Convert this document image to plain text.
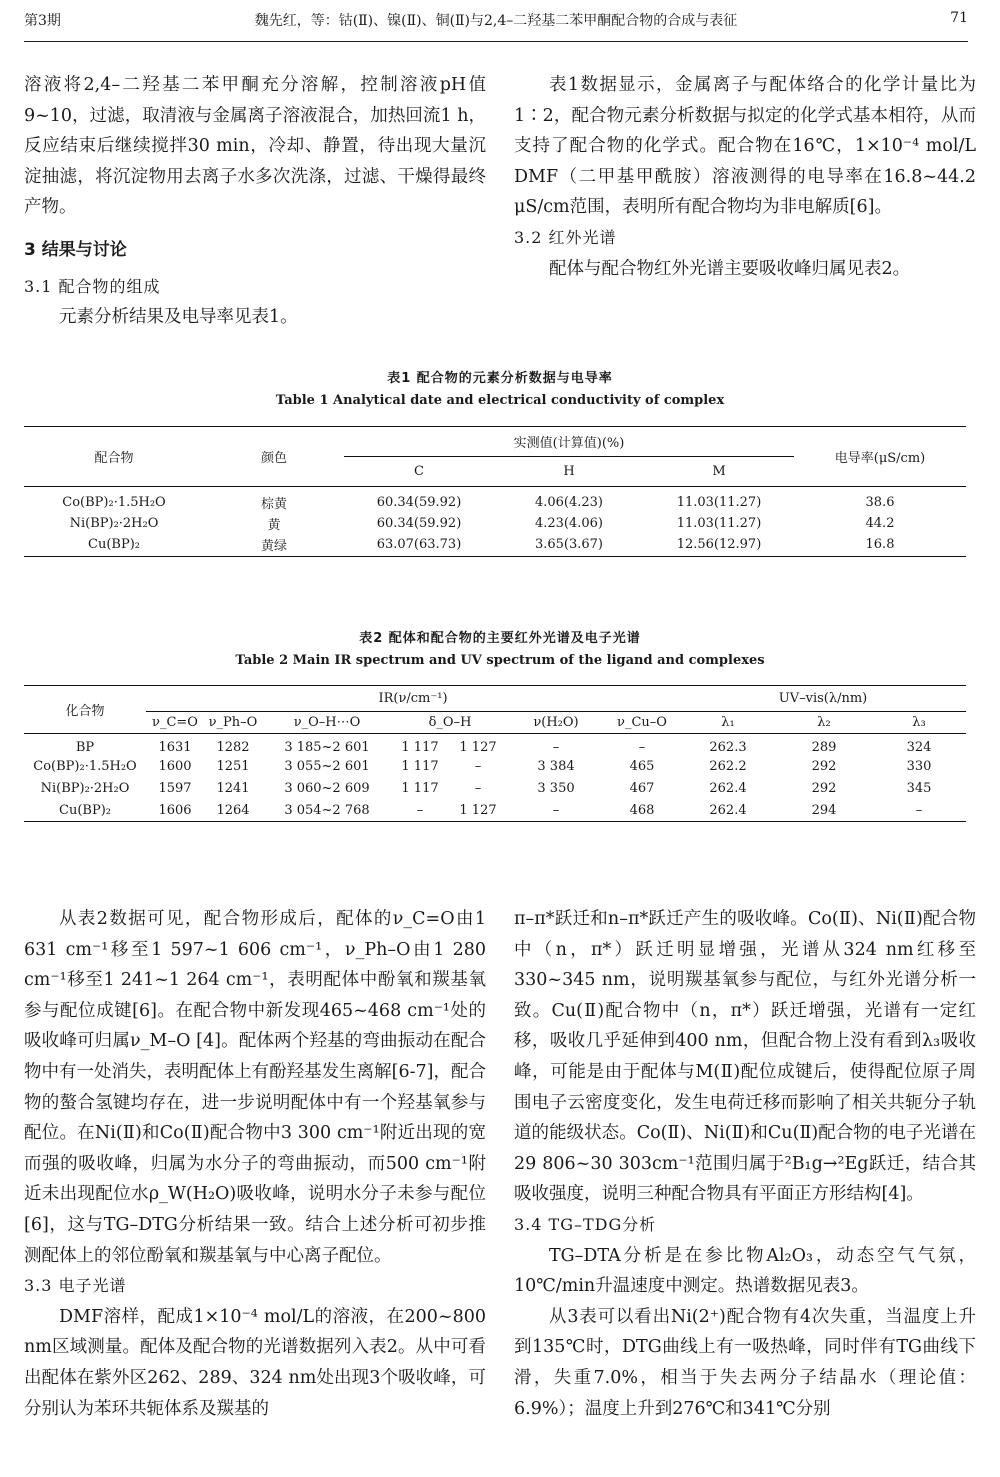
第3期	魏先红，等：钴(Ⅱ)、镍(Ⅱ)、铜(Ⅱ)与2,4–二羟基二苯甲酮配合物的合成与表征	71

溶液将2,4–二羟基二苯甲酮充分溶解，控制溶液pH值9~10，过滤，取清液与金属离子溶液混合，加热回流1 h，反应结束后继续搅拌30 min，冷却、静置，待出现大量沉淀抽滤，将沉淀物用去离子水多次洗涤，过滤、干燥得最终产物。

3 结果与讨论
3.1 配合物的组成

元素分析结果及电导率见表1。

表1数据显示，金属离子与配体络合的化学计量比为1∶2，配合物元素分析数据与拟定的化学式基本相符，从而支持了配合物的化学式。配合物在16℃，1×10⁻⁴ mol/L DMF（二甲基甲酰胺）溶液测得的电导率在16.8~44.2 μS/cm范围，表明所有配合物均为非电解质[6]。

3.2 红外光谱

配体与配合物红外光谱主要吸收峰归属见表2。

表1 配合物的元素分析数据与电导率
Table 1 Analytical date and electrical conductivity of complex
配合物	颜色	实测值(计算值)(%)			电导率(μS/cm)
		C	H	M	
Co(BP)₂·1.5H₂O	棕黄	60.34(59.92)	4.06(4.23)	11.03(11.27)	38.6
Ni(BP)₂·2H₂O	黄	60.34(59.92)	4.23(4.06)	11.03(11.27)	44.2
Cu(BP)₂	黄绿	63.07(63.73)	3.65(3.67)	12.56(12.97)	16.8
表2 配体和配合物的主要红外光谱及电子光谱
Table 2 Main IR spectrum and UV spectrum of the ligand and complexes
化合物	IR(ν/cm⁻¹)							UV–vis(λ/nm)		
	ν_C=O	ν_Ph–O	ν_O–H⋯O	δ_O–H		ν(H₂O)	ν_Cu–O	λ₁	λ₂	λ₃
BP	1631	1282	3 185~2 601	1 117	1 127	–	–	262.3	289	324
Co(BP)₂·1.5H₂O	1600	1251	3 055~2 601	1 117	–	3 384	465	262.2	292	330
Ni(BP)₂·2H₂O	1597	1241	3 060~2 609	1 117	–	3 350	467	262.4	292	345
Cu(BP)₂	1606	1264	3 054~2 768	–	1 127	–	468	262.4	294	–

从表2数据可见，配合物形成后，配体的ν_C=O由1 631 cm⁻¹移至1 597~1 606 cm⁻¹，ν_Ph–O由1 280 cm⁻¹移至1 241~1 264 cm⁻¹，表明配体中酚氧和羰基氧参与配位成键[6]。在配合物中新发现465~468 cm⁻¹处的吸收峰可归属ν_M–O [4]。配体两个羟基的弯曲振动在配合物中有一处消失，表明配体上有酚羟基发生离解[6-7]，配合物的螯合氢键均存在，进一步说明配体中有一个羟基氧参与配位。在Ni(Ⅱ)和Co(Ⅱ)配合物中3 300 cm⁻¹附近出现的宽而强的吸收峰，归属为水分子的弯曲振动，而500 cm⁻¹附近未出现配位水ρ_W(H₂O)吸收峰，说明水分子未参与配位[6]，这与TG–DTG分析结果一致。结合上述分析可初步推测配体上的邻位酚氧和羰基氧与中心离子配位。

3.3 电子光谱

DMF溶样，配成1×10⁻⁴ mol/L的溶液，在200~800 nm区域测量。配体及配合物的光谱数据列入表2。从中可看出配体在紫外区262、289、324 nm处出现3个吸收峰，可分别认为苯环共轭体系及羰基的

π–π*跃迁和n–π*跃迁产生的吸收峰。Co(Ⅱ)、Ni(Ⅱ)配合物中（n，π*）跃迁明显增强，光谱从324 nm红移至330~345 nm，说明羰基氧参与配位，与红外光谱分析一致。Cu(Ⅱ)配合物中（n，π*）跃迁增强，光谱有一定红移，吸收几乎延伸到400 nm，但配合物上没有看到λ₃吸收峰，可能是由于配体与M(Ⅱ)配位成键后，使得配位原子周围电子云密度变化，发生电荷迁移而影响了相关共轭分子轨道的能级状态。Co(Ⅱ)、Ni(Ⅱ)和Cu(Ⅱ)配合物的电子光谱在29 806~30 303cm⁻¹范围归属于²B₁g→²Eg跃迁，结合其吸收强度，说明三种配合物具有平面正方形结构[4]。

3.4 TG–TDG分析

TG–DTA分析是在参比物Al₂O₃，动态空气气氛，10℃/min升温速度中测定。热谱数据见表3。

从3表可以看出Ni(2⁺)配合物有4次失重，当温度上升到135℃时，DTG曲线上有一吸热峰，同时伴有TG曲线下滑，失重7.0%，相当于失去两分子结晶水（理论值：6.9%）；温度上升到276℃和341℃分别
